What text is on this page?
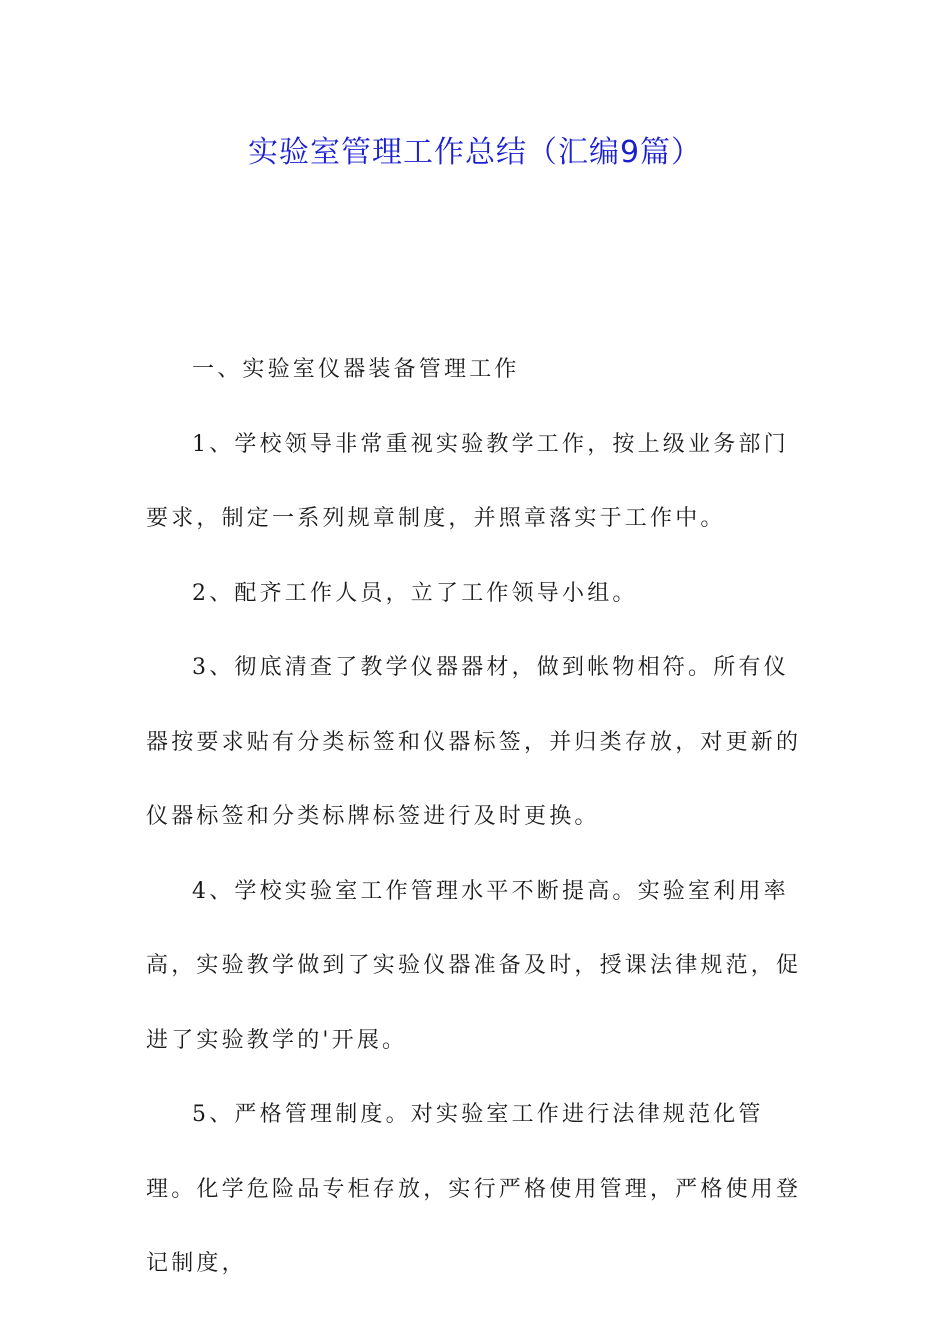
实验室管理工作总结（汇编9篇）

一、实验室仪器装备管理工作

1、学校领导非常重视实验教学工作，按上级业务部门要求，制定一系列规章制度，并照章落实于工作中。

2、配齐工作人员，立了工作领导小组。

3、彻底清查了教学仪器器材，做到帐物相符。所有仪器按要求贴有分类标签和仪器标签，并归类存放，对更新的仪器标签和分类标牌标签进行及时更换。

4、学校实验室工作管理水平不断提高。实验室利用率高，实验教学做到了实验仪器准备及时，授课法律规范，促进了实验教学的'开展。

5、严格管理制度。对实验室工作进行法律规范化管理。化学危险品专柜存放，实行严格使用管理，严格使用登记制度，
